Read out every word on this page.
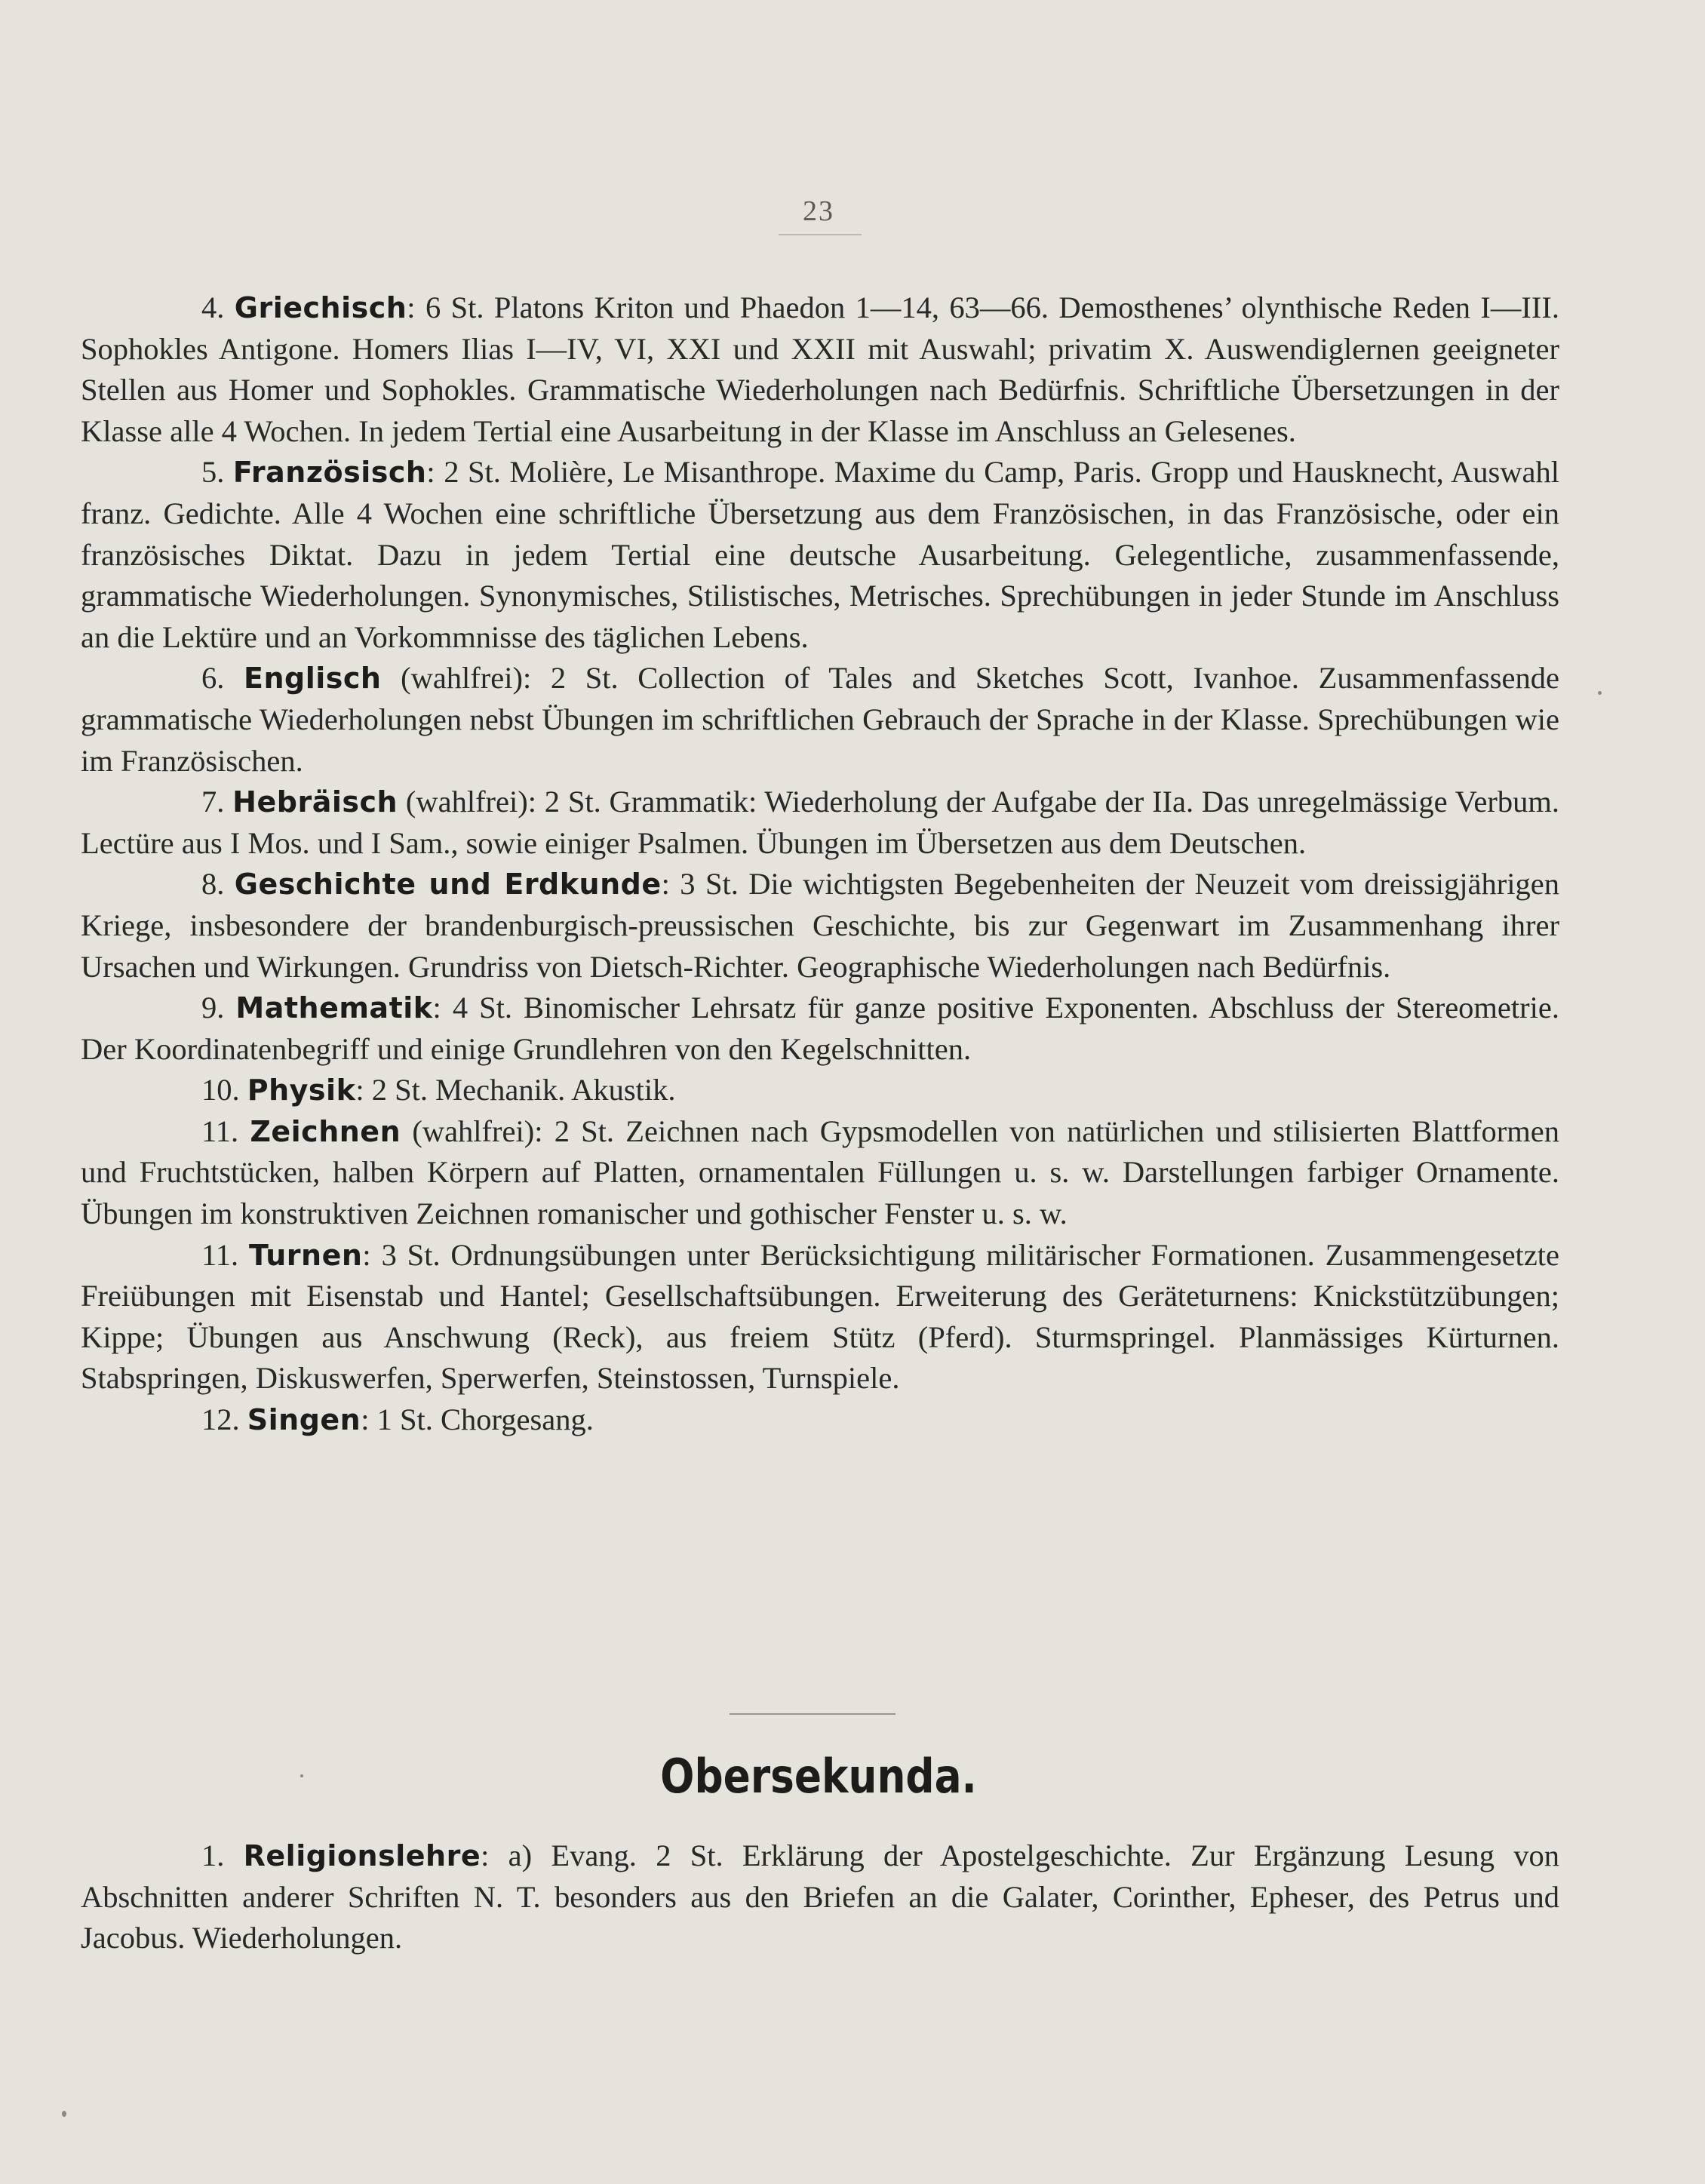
23

4. Griechisch: 6 St. Platons Kriton und Phaedon 1—14, 63—66. Demosthenes’ olynthische Reden I—III. Sophokles Antigone. Homers Ilias I—IV, VI, XXI und XXII mit Auswahl; privatim X. Auswendiglernen geeigneter Stellen aus Homer und Sophokles. Grammatische Wiederholungen nach Bedürfnis. Schriftliche Übersetzungen in der Klasse alle 4 Wochen. In jedem Tertial eine Ausarbeitung in der Klasse im Anschluss an Gelesenes.

5. Französisch: 2 St. Molière, Le Misanthrope. Maxime du Camp, Paris. Gropp und Hausknecht, Auswahl franz. Gedichte. Alle 4 Wochen eine schriftliche Übersetzung aus dem Französischen, in das Französische, oder ein französisches Diktat. Dazu in jedem Tertial eine deutsche Ausarbeitung. Gelegentliche, zusammenfassende, grammatische Wiederholungen. Synonymisches, Stilistisches, Metrisches. Sprechübungen in jeder Stunde im Anschluss an die Lektüre und an Vorkommnisse des täglichen Lebens.

6. Englisch (wahlfrei): 2 St. Collection of Tales and Sketches Scott, Ivanhoe. Zusammenfassende grammatische Wiederholungen nebst Übungen im schriftlichen Gebrauch der Sprache in der Klasse. Sprechübungen wie im Französischen.

7. Hebräisch (wahlfrei): 2 St. Grammatik: Wiederholung der Aufgabe der IIa. Das unregelmässige Verbum. Lectüre aus I Mos. und I Sam., sowie einiger Psalmen. Übungen im Übersetzen aus dem Deutschen.

8. Geschichte und Erdkunde: 3 St. Die wichtigsten Begebenheiten der Neuzeit vom dreissigjährigen Kriege, insbesondere der brandenburgisch-preussischen Geschichte, bis zur Gegenwart im Zusammenhang ihrer Ursachen und Wirkungen. Grundriss von Dietsch-Richter. Geographische Wiederholungen nach Bedürfnis.

9. Mathematik: 4 St. Binomischer Lehrsatz für ganze positive Exponenten. Abschluss der Stereometrie. Der Koordinatenbegriff und einige Grundlehren von den Kegelschnitten.

10. Physik: 2 St. Mechanik. Akustik.

11. Zeichnen (wahlfrei): 2 St. Zeichnen nach Gypsmodellen von natürlichen und stilisierten Blattformen und Fruchtstücken, halben Körpern auf Platten, ornamentalen Füllungen u. s. w. Darstellungen farbiger Ornamente. Übungen im konstruktiven Zeichnen romanischer und gothischer Fenster u. s. w.

11. Turnen: 3 St. Ordnungsübungen unter Berücksichtigung militärischer Formationen. Zusammengesetzte Freiübungen mit Eisenstab und Hantel; Gesellschaftsübungen. Erweiterung des Geräteturnens: Knickstützübungen; Kippe; Übungen aus Anschwung (Reck), aus freiem Stütz (Pferd). Sturmspringel. Planmässiges Kürturnen. Stabspringen, Diskuswerfen, Sperwerfen, Steinstossen, Turnspiele.

12. Singen: 1 St. Chorgesang.

Obersekunda.

1. Religionslehre: a) Evang. 2 St. Erklärung der Apostelgeschichte. Zur Ergänzung Lesung von Abschnitten anderer Schriften N. T. besonders aus den Briefen an die Galater, Corinther, Epheser, des Petrus und Jacobus. Wiederholungen.
